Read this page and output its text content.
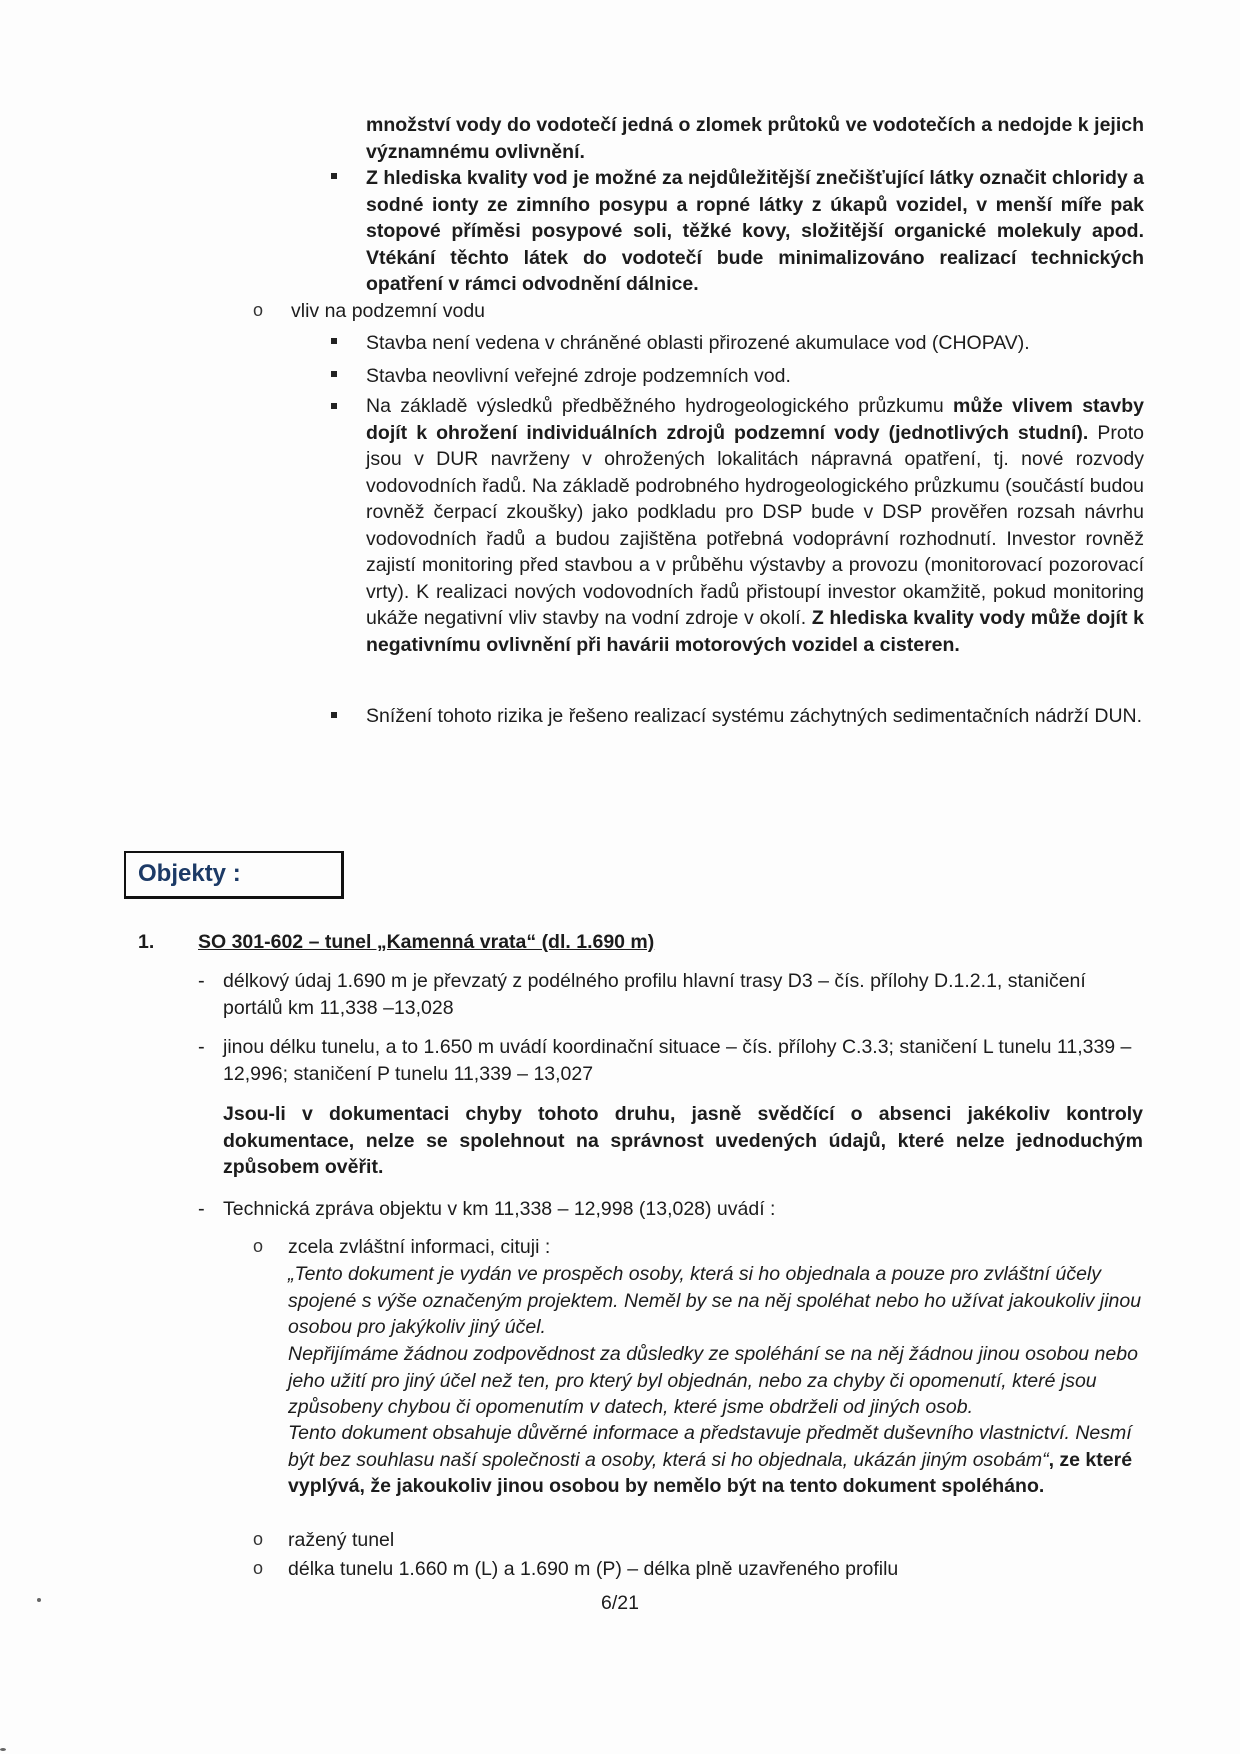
množství vody do vodotečí jedná o zlomek průtoků ve vodotečích a nedojde k jejich významnému ovlivnění.

Z hlediska kvality vod je možné za nejdůležitější znečišťující látky označit chloridy a sodné ionty ze zimního posypu a ropné látky z úkapů vozidel, v menší míře pak stopové příměsi posypové soli, těžké kovy, složitější organické molekuly apod. Vtékání těchto látek do vodotečí bude minimalizováno realizací technických opatření v rámci odvodnění dálnice.

o vliv na podzemní vodu

Stavba není vedena v chráněné oblasti přirozené akumulace vod (CHOPAV).

Stavba neovlivní veřejné zdroje podzemních vod.

Na základě výsledků předběžného hydrogeologického průzkumu může vlivem stavby dojít k ohrožení individuálních zdrojů podzemní vody (jednotlivých studní). Proto jsou v DUR navrženy v ohrožených lokalitách nápravná opatření, tj. nové rozvody vodovodních řadů. Na základě podrobného hydrogeologického průzkumu (součástí budou rovněž čerpací zkoušky) jako podkladu pro DSP bude v DSP prověřen rozsah návrhu vodovodních řadů a budou zajištěna potřebná vodoprávní rozhodnutí. Investor rovněž zajistí monitoring před stavbou a v průběhu výstavby a provozu (monitorovací pozorovací vrty). K realizaci nových vodovodních řadů přistoupí investor okamžitě, pokud monitoring ukáže negativní vliv stavby na vodní zdroje v okolí. Z hlediska kvality vody může dojít k negativnímu ovlivnění při havárii motorových vozidel a cisteren.

Snížení tohoto rizika je řešeno realizací systému záchytných sedimentačních nádrží DUN.

Objekty :
1. SO 301-602 – tunel „Kamenná vrata“ (dl. 1.690 m)
- délkový údaj 1.690 m je převzatý z podélného profilu hlavní trasy D3 – čís. přílohy D.1.2.1, staničení portálů km 11,338 –13,028

- jinou délku tunelu, a to 1.650 m uvádí koordinační situace – čís. přílohy C.3.3; staničení L tunelu 11,339 – 12,996; staničení P tunelu 11,339 – 13,027

Jsou-li v dokumentaci chyby tohoto druhu, jasně svědčící o absenci jakékoliv kontroly dokumentace, nelze se spolehnout na správnost uvedených údajů, které nelze jednoduchým způsobem ověřit.

- Technická zpráva objektu v km 11,338 – 12,998 (13,028) uvádí :

o zcela zvláštní informaci, cituji :

„Tento dokument je vydán ve prospěch osoby, která si ho objednala a pouze pro zvláštní účely spojené s výše označeným projektem. Neměl by se na něj spoléhat nebo ho užívat jakoukoliv jinou osobou pro jakýkoliv jiný účel.

Nepřijímáme žádnou zodpovědnost za důsledky ze spoléhání se na něj žádnou jinou osobou nebo jeho užití pro jiný účel než ten, pro který byl objednán, nebo za chyby či opomenutí, které jsou způsobeny chybou či opomenutím v datech, které jsme obdrželi od jiných osob.

Tento dokument obsahuje důvěrné informace a představuje předmět duševního vlastnictví. Nesmí být bez souhlasu naší společnosti a osoby, která si ho objednala, ukázán jiným osobám“, ze které vyplývá, že jakoukoliv jinou osobou by nemělo být na tento dokument spoléháno.

o ražený tunel

o délka tunelu 1.660 m (L) a 1.690 m (P) – délka plně uzavřeného profilu

6/21
